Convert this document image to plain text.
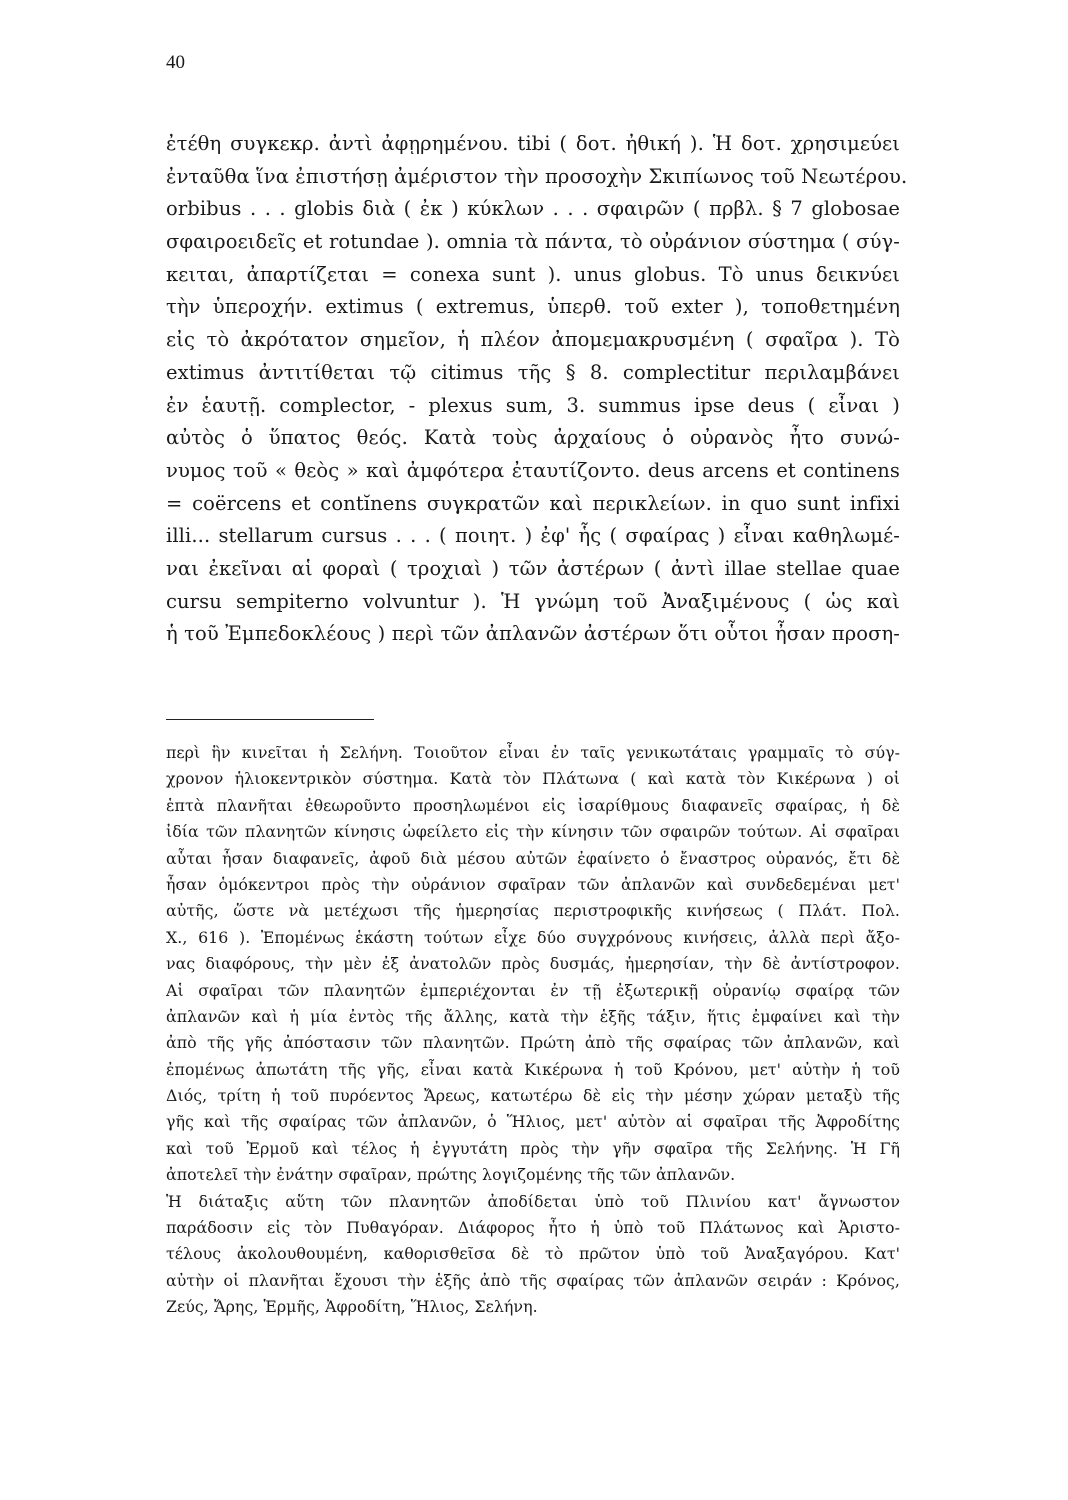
40
ἐτέθη συγκεκρ. ἀντὶ ἀφῃρημένου. tibi ( δοτ. ἠθική ). Ἡ δοτ. χρησιμεύει
ἐνταῦθα ἵνα ἐπιστήσῃ ἀμέριστον τὴν προσοχὴν Σκιπίωνος τοῦ Νεωτέρου.
orbibus . . . globis διὰ ( ἐκ ) κύκλων . . . σφαιρῶν ( πρβλ. § 7 globosae
σφαιροειδεῖς et rotundae ). omnia τὰ πάντα, τὸ οὐράνιον σύστημα ( σύγ-
κειται, ἀπαρτίζεται = conexa sunt ). unus globus. Τὸ unus δεικνύει
τὴν ὑπεροχήν. extimus ( extremus, ὑπερθ. τοῦ exter ), τοποθετημένη
εἰς τὸ ἀκρότατον σημεῖον, ἡ πλέον ἀπομεμακρυσμένη ( σφαῖρα ). Τὸ
extimus ἀντιτίθεται τῷ citimus τῆς § 8. complectitur περιλαμβάνει
ἐν ἑαυτῇ. complector, - plexus sum, 3. summus ipse deus ( εἶναι )
αὐτὸς ὁ ὕπατος θεός. Κατὰ τοὺς ἀρχαίους ὁ οὐρανὸς ἦτο συνώ-
νυμος τοῦ « θεὸς » καὶ ἀμφότερα ἐταυτίζοντο. deus arcens et continens
= coërcens et contĭnens συγκρατῶν καὶ περικλείων. in quo sunt infixi
illi... stellarum cursus . . . ( ποιητ. ) ἐφ' ἧς ( σφαίρας ) εἶναι καθηλωμέ-
ναι ἐκεῖναι αἱ φοραὶ ( τροχιαὶ ) τῶν ἀστέρων ( ἀντὶ illae stellae quae
cursu sempiterno volvuntur ). Ἡ γνώμη τοῦ Ἀναξιμένους ( ὡς καὶ
ἡ τοῦ Ἐμπεδοκλέους ) περὶ τῶν ἀπλανῶν ἀστέρων ὅτι οὗτοι ἦσαν προση-
περὶ ἣν κινεῖται ἡ Σελήνη. Τοιοῦτον εἶναι ἐν ταῖς γενικωτάταις γραμμαῖς τὸ σύγ-
χρονον ἡλιοκεντρικὸν σύστημα. Κατὰ τὸν Πλάτωνα ( καὶ κατὰ τὸν Κικέρωνα ) οἱ
ἑπτὰ πλανῆται ἐθεωροῦντο προσηλωμένοι εἰς ἰσαρίθμους διαφανεῖς σφαίρας, ἡ δὲ
ἰδία τῶν πλανητῶν κίνησις ὠφείλετο εἰς τὴν κίνησιν τῶν σφαιρῶν τούτων. Αἱ σφαῖραι
αὗται ἦσαν διαφανεῖς, ἀφοῦ διὰ μέσου αὐτῶν ἐφαίνετο ὁ ἔναστρος οὐρανός, ἔτι δὲ
ἦσαν ὁμόκεντροι πρὸς τὴν οὐράνιον σφαῖραν τῶν ἀπλανῶν καὶ συνδεδεμέναι μετ'
αὐτῆς, ὥστε νὰ μετέχωσι τῆς ἡμερησίας περιστροφικῆς κινήσεως ( Πλάτ. Πολ.
X., 616 ). Ἐπομένως ἑκάστη τούτων εἶχε δύο συγχρόνους κινήσεις, ἀλλὰ περὶ ἄξο-
νας διαφόρους, τὴν μὲν ἐξ ἀνατολῶν πρὸς δυσμάς, ἡμερησίαν, τὴν δὲ ἀντίστροφον.
Αἱ σφαῖραι τῶν πλανητῶν ἐμπεριέχονται ἐν τῇ ἐξωτερικῇ οὐρανίῳ σφαίρᾳ τῶν
ἀπλανῶν καὶ ἡ μία ἐντὸς τῆς ἄλλης, κατὰ τὴν ἑξῆς τάξιν, ἥτις ἐμφαίνει καὶ τὴν
ἀπὸ τῆς γῆς ἀπόστασιν τῶν πλανητῶν. Πρώτη ἀπὸ τῆς σφαίρας τῶν ἀπλανῶν, καὶ
ἐπομένως ἀπωτάτη τῆς γῆς, εἶναι κατὰ Κικέρωνα ἡ τοῦ Κρόνου, μετ' αὐτὴν ἡ τοῦ
Διός, τρίτη ἡ τοῦ πυρόεντος Ἄρεως, κατωτέρω δὲ εἰς τὴν μέσην χώραν μεταξὺ τῆς
γῆς καὶ τῆς σφαίρας τῶν ἀπλανῶν, ὁ Ἥλιος, μετ' αὐτὸν αἱ σφαῖραι τῆς Ἀφροδίτης
καὶ τοῦ Ἑρμοῦ καὶ τέλος ἡ ἐγγυτάτη πρὸς τὴν γῆν σφαῖρα τῆς Σελήνης. Ἡ Γῆ
ἀποτελεῖ τὴν ἐνάτην σφαῖραν, πρώτης λογιζομένης τῆς τῶν ἀπλανῶν.
Ἡ διάταξις αὕτη τῶν πλανητῶν ἀποδίδεται ὑπὸ τοῦ Πλινίου κατ' ἄγνωστον
παράδοσιν εἰς τὸν Πυθαγόραν. Διάφορος ἦτο ἡ ὑπὸ τοῦ Πλάτωνος καὶ Ἀριστο-
τέλους ἀκολουθουμένη, καθορισθεῖσα δὲ τὸ πρῶτον ὑπὸ τοῦ Ἀναξαγόρου. Κατ'
αὐτὴν οἱ πλανῆται ἔχουσι τὴν ἑξῆς ἀπὸ τῆς σφαίρας τῶν ἀπλανῶν σειράν : Κρόνος,
Ζεύς, Ἄρης, Ἑρμῆς, Ἀφροδίτη, Ἥλιος, Σελήνη.
